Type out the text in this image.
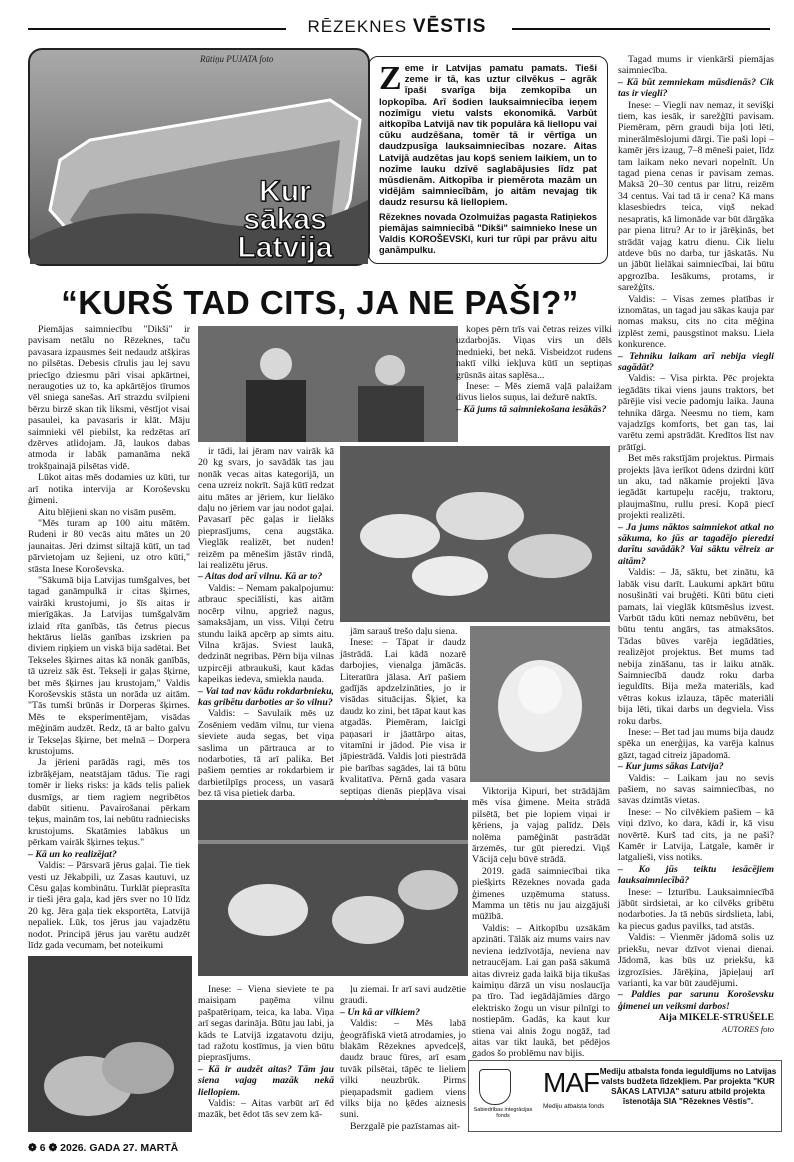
RĒZEKNES VĒSTIS
Rūtiņu PUJATA foto
Kur
sākas
Latvija
Zeme ir Latvijas pamatu pamats. Tieši zeme ir tā, kas uztur cilvēkus – agrāk īpaši svarīga bija zemkopība un lopkopība. Arī šodien lauksaimniecība ieņem nozīmīgu vietu valsts ekonomikā. Varbūt aitkopība Latvijā nav tik populāra kā liellopu vai cūku audzēšana, tomēr tā ir vērtīga un daudzpusīga lauksaimniecības nozare. Aitas Latvijā audzētas jau kopš seniem laikiem, un to nozīme lauku dzīvē saglabājusies līdz pat mūsdienām. Aitkopība ir piemērota mazām un vidējām saimniecībām, jo aitām nevajag tik daudz resursu kā liellopiem.
Rēzeknes novada Ozolmuižas pagasta Ratiņiekos piemājas saimniecībā "Dikši" saimnieko Inese un Valdis KOROŠEVSKI, kuri tur rūpi par prāvu aitu ganāmpulku.
“KURŠ TAD CITS, JA NE PAŠI?”

Piemājas saimniecību "Dikši" ir pavisam netālu no Rēzeknes, taču pavasara izpausmes šeit nedaudz atšķiras no pilsētas. Debesis cīrulis jau lej savu priecīgo dziesmu pāri visai apkārtnei, neraugoties uz to, ka apkārtējos tīrumos vēl sniega sanešas. Arī strazdu svilpieni bērzu birzē skan tik liksmi, vēstījot visai pasaulei, ka pavasaris ir klāt. Māju saimnieki vēl piebilst, ka redzētas arī dzērves atlidojam. Jā, laukos dabas atmoda ir labāk pamanāma nekā trokšņainajā pilsētas vidē.

Lūkot aitas mēs dodamies uz kūti, tur arī notika intervija ar Koroševsku ģimeni.

Aitu blējieni skan no visām pusēm.

"Mēs turam ap 100 aitu mātēm. Rudeni ir 80 vecās aitu mātes un 20 jaunaitas. Jēri dzimst siltajā kūtī, un tad pārvietojam uz šejieni, uz otro kūti," stāsta Inese Koroševska.

"Sākumā bija Latvijas tumšgalves, bet tagad ganāmpulkā ir citas šķirnes, vairāki krustojumi, jo šīs aitas ir mierīgākas. Ja Latvijas tumšgalvām izlaid rīta ganībās, tās četrus piecus hektārus lielās ganības izskrien pa diviem riņķiem un viskā bija sadētai. Bet Tekseles šķirnes aitas kā nonāk ganībās, tā uzreiz sāk ēst. Tekseļi ir gaļas šķirne, bet mēs šķirnes jau krustojam," Valdis Koroševskis stāsta un norāda uz aitām. "Tās tumši brūnās ir Dorperas šķirnes. Mēs te eksperimentējam, visādas mēģinām audzēt. Redz, tā ar balto galvu ir Tekseļas šķirne, bet melnā – Dorpera krustojums.

Ja jērieni parādās ragi, mēs tos izbrāķējam, neatstājam tādus. Tie ragi tomēr ir lieks risks: ja kāds telis paliek dusmīgs, ar tiem ragiem negribētos dabūt sitienu. Pavairošanai pērkam teķus, mainām tos, lai nebūtu radniecisks krustojums. Skatāmies labākus un pērkam vairāk šķirnes teķus."

– Kā un ko realizējat?

Valdis: – Pārsvarā jērus gaļai. Tie tiek vesti uz Jēkabpili, uz Zasas kautuvi, uz Cēsu gaļas kombinātu. Turklāt pieprasīta ir tieši jēra gaļa, kad jērs sver no 10 līdz 20 kg. Jēra gaļa tiek eksportēta, Latvijā nepaliek. Lūk, tos jērus jau vajadzētu nodot. Principā jērus jau varētu audzēt līdz gada vecumam, bet noteikumi

ir tādi, lai jēram nav vairāk kā 20 kg svars, jo savādāk tas jau nonāk vecas aitas kategorijā, un cena uzreiz nokrīt. Sajā kūtī redzat aitu mātes ar jēriem, kur lielāko daļu no jēriem var jau nodot gaļai. Pavasarī pēc gaļas ir lielāks pieprasījums, cena augstāka. Vieglāk realizēt, bet nuden! reizēm pa mēnešim jāstāv rindā, lai realizētu jērus.

– Aitas dod arī vilnu. Kā ar to?

Valdis: – Nemam pakalpojumu: atbrauc speciālisti, kas aitām nocērp vilnu, apgriež nagus, samaksājam, un viss. Vilņi četru stundu laikā apcērp ap simts aitu. Vilna krājas. Sviest laukā, dedzināt negribas. Pērn bija vilnas uzpircēji atbraukuši, kaut kādas kapeikas iedeva, smiekla nauda.

– Vai tad nav kādu rokdarbnieku, kas gribētu darboties ar šo vilnu?

Valdis: – Savulaik mēs uz Zosēniem vedām vilnu, tur viena sieviete auda segas, bet viņa saslima un pārtrauca ar to nodarboties, tā arī palika. Bet pašiem ņemties ar rokdarbiem ir darbietilpīgs process, un vasarā bez tā visa pietiek darba.

kopes pērn trīs vai četras reizes vilki uzdarbojās. Viņas virs un dēls mednieki, bet nekā. Visbeidzot rudens naktī vilki iekļuva kūtī un septiņas grūsnās aitas saplēsa...

Inese: – Mēs ziemā vaļā palaižam divus lielos suņus, lai dežurē naktīs.

– Kā jums tā saimniekošana iesākās?

jām sarauš trešo daļu siena.

Inese: – Tāpat ir daudz jāstrādā. Lai kādā nozarē darbojies, vienalga jāmācās. Literatūra jālasa. Arī pašiem gadījās apdzelzināties, jo ir visādas situācijas. Šķiet, ka daudz ko zini, bet tāpat kaut kas atgadās. Piemēram, laicīgi paņasari ir jāattārpo aitas, vitamīni ir jādod. Pie visa ir jāpiestrādā. Valdis ļoti piestrādā pie barības sagādes, lai tā būtu kvalitatīva. Pērnā gada vasara septiņas dienās piepļāva visai

Inese: – Viena sieviete te pa maisiņam paņēma vilnu pašpatēriņam, teica, ka laba. Viņa arī segas darināja. Būtu jau labi, ja kāds te Latvijā izgatavotu dziju, tad ražotu kostīmus, ja vien būtu pieprasījums.

– Kā ir audzēt aitas? Tām jau siena vajag mazāk nekā liellopiem.

Valdis: – Aitas varbūt arī ēd mazāk, bet ēdot tās sev zem kā-

Viktorija Kipuri, bet strādājām mēs visa ģimene. Meita strādā pilsētā, bet pie lopiem viņai ir ķēriens, ja vajag palīdz. Dēls nolēma pamēģināt pastrādāt ārzemēs, tur gūt pieredzi. Viņš Vācijā ceļu būvē strādā.

2019. gadā saimniecībai tika piešķirts Rēzeknes novada gada ģimenes uzņēmuma statuss. Mamma un tētis nu jau aizgājuši mūžībā.

Valdis: – Aitkopību uzsākām apzināti. Tālāk aiz mums vairs nav neviena iedzīvotāja, neviena nav netraucējam. Lai gan pašā sākumā aitas divreiz gada laikā bija tikušas kaimiņu dārzā un visu noslaucīja pa tīro. Tad iegādājāmies dārgo elektrisko žogu un visur pilnīgi to nostiepām. Gadās, ka kaut kur stiena vai alnis žogu nogāž, tad aitas var tikt laukā, bet pēdējos gados šo problēmu nav bijis.

ļu ziemai. Ir arī savi audzētie graudi.

– Un kā ar vilkiem?

Valdis: – Mēs labā ģeogrāfiskā vietā atrodamies, jo blakām Rēzeknes apvedceļš, daudz brauc fūres, arī esam tuvāk pilsētai, tāpēc te lieliem vilki neuzbrūk. Pirms pieņapadsmit gadiem viens vilks bija no ķēdes aiznesis suni.

Berzgalē pie pazīstamas ait-

Tagad mums ir vienkārši piemājas saimniecība.

– Kā būt zemniekam mūsdienās? Cik tas ir viegli?

Inese: – Viegli nav nemaz, it sevišķi tiem, kas iesāk, ir sarežģīti pavisam. Piemēram, pērn graudi bija ļoti lēti, minerālmēslojumi dārgi. Tie paši lopi – kamēr jērs izaug, 7–8 mēneši paiet, līdz tam laikam neko nevari nopelnīt. Un tagad piena cenas ir pavisam zemas. Maksā 20–30 centus par litru, reizēm 34 centus. Vai tad tā ir cena? Kā mans klasesbiedrs teica, viņš nekad nesapratis, kā limonāde var būt dārgāka par piena litru? Ar to ir jārēķinās, bet strādāt vajag katru dienu. Cik lielu atdeve būs no darba, tur jāskatās. Nu un jābūt lielākai saimniecībai, lai būtu apgrozība. Iesākums, protams, ir sarežģīts.

Valdis: – Visas zemes platības ir iznomātas, un tagad jau sākas kauja par nomas maksu, cits no cita mēģina izplēst zemi, pausgstinot maksu. Liela konkurence.

– Tehniku laikam arī nebija viegli sagādāt?

Valdis: – Visa pirkta. Pēc projekta iegādāts tikai viens jauns traktors, bet pārējie visi vecie padomju laika. Jauna tehnika dārga. Neesmu no tiem, kam vajadzīgs komforts, bet gan tas, lai varētu zemi apstrādāt. Kredītos līst nav prātīgi.

Bet mēs rakstījām projektus. Pirmais projekts ļāva ierīkot ūdens dzirdni kūtī un aku, tad nākamie projekti ļāva iegādāt kartupeļu racēju, traktoru, plaujmašīnu, rullu presi. Kopā piecī projekti realizēti.

– Ja jums nāktos saimniekot atkal no sākuma, ko jūs ar tagadējo pieredzi darītu savādāk? Vai sāktu vēlreiz ar aitām?

Valdis: – Jā, sāktu, bet zinātu, kā labāk visu darīt. Laukumi apkārt būtu nosušināti vai bruģēti. Kūti būtu cieti pamats, lai vieglāk kūtsmēslus izvest. Varbūt tādu kūti nemaz nebūvētu, bet būtu tentu angārs, tas atmaksātos. Tādas būves varēja iegādāties, realizējot projektus. Bet mums tad nebija zināšanu, tas ir laiku atnāk. Saimniecībā daudz roku darba ieguldīts. Bija meža materiāls, kad vētras kokus izlauza, tāpēc materiāli bija lēti, tikai darbs un degviela. Viss roku darbs.

Inese: – Bet tad jau mums bija daudz spēka un enerģijas, ka varēja kalnus gāzt, tagad citreiz jāpadomā.

– Kur jums sākas Latvija?

Valdis: – Laikam jau no sevis pašiem, no savas saimniecības, no savas dzimtās vietas.

Inese: – No cilvēkiem pašiem – kā viņi dzīvo, ko dara, kādi ir, kā visu novērtē. Kurš tad cits, ja ne paši? Kamēr ir Latvija, Latgale, kamēr ir latgalieši, viss notiks.

– Ko jūs teiktu iesācējiem lauksaimniecībā?

Inese: – Izturību. Lauksaimniecībā jābūt sirdsietai, ar ko cilvēks gribētu nodarboties. Ja tā nebūs sirdslieta, labi, ka piecus gadus pavilks, tad atstās.

Valdis: – Vienmēr jādomā solis uz priekšu, nevar dzīvot vienai dienai. Jādomā, kas būs uz priekšu, kā izgrozīsies. Jārēķina, jāpieļauj arī varianti, ka var būt zaudējumi.

– Paldies par sarunu Koroševsku ģimenei un veiksmi darbos!

Aija MIKELE-STRUŠELE

AUTORES foto

Sabiedrības integrācijas fonds
MAF
Mediju atbalsta fonds
Mediju atbalsta fonda ieguldījums no Latvijas valsts budžeta līdzekļiem. Par projekta "KUR SĀKAS LATVIJA" saturu atbild projekta īstenotāja SIA "Rēzeknes Vēstis".
❁ 6 ❁ 2026. GADA 27. MARTĀ
